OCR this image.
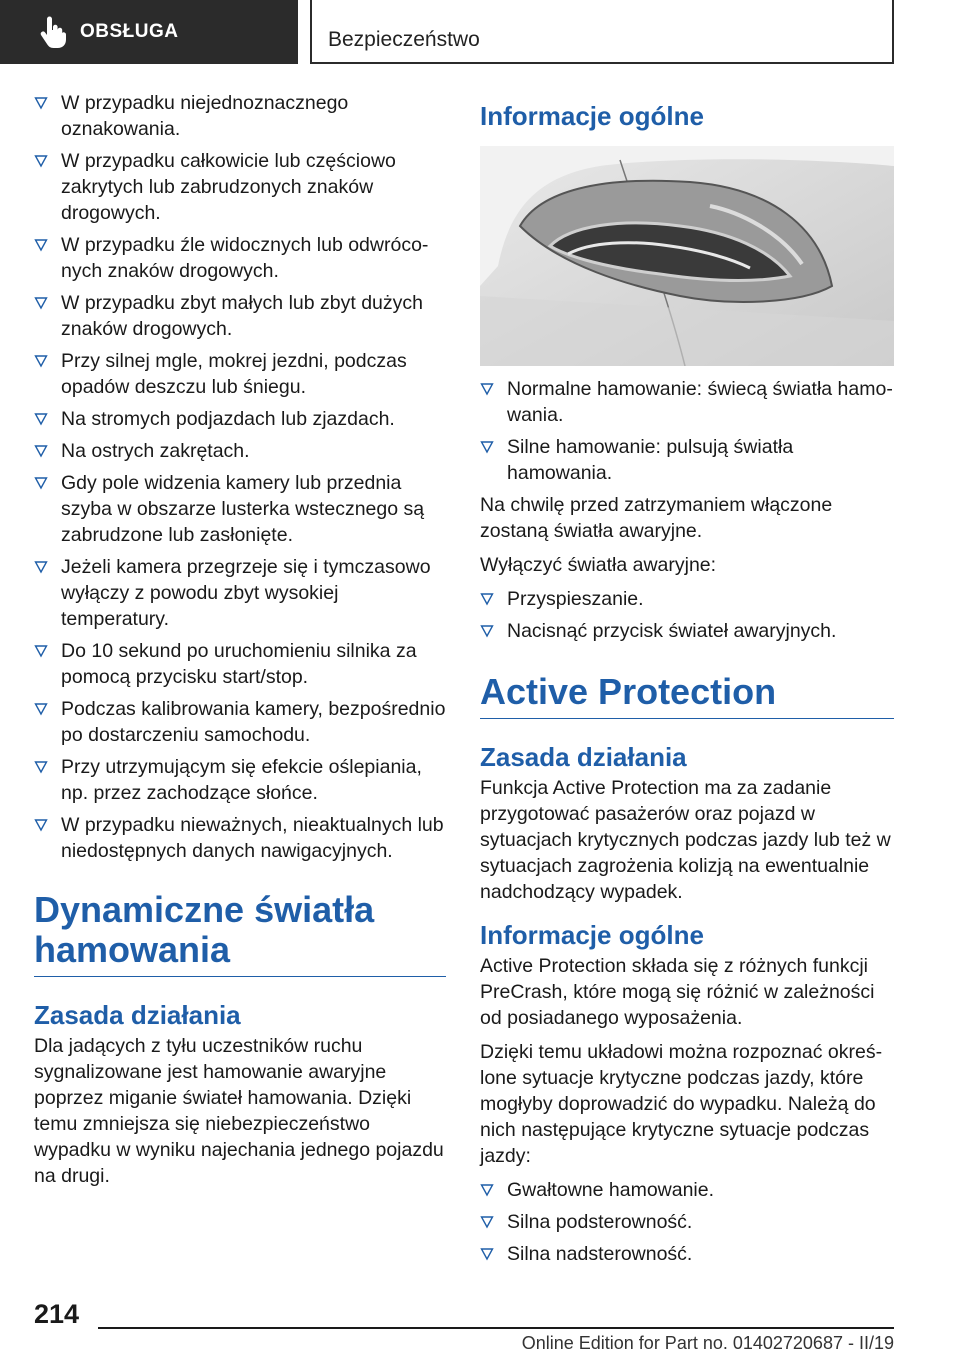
OBSŁUGA	Bezpieczeństwo
W przypadku niejednoznacznego oznakowania.
W przypadku całkowicie lub częściowo zakrytych lub zabrudzonych znaków drogowych.
W przypadku źle widocznych lub odwróconych znaków drogowych.
W przypadku zbyt małych lub zbyt dużych znaków drogowych.
Przy silnej mgle, mokrej jezdni, podczas opadów deszczu lub śniegu.
Na stromych podjazdach lub zjazdach.
Na ostrych zakrętach.
Gdy pole widzenia kamery lub przednia szyba w obszarze lusterka wstecznego są zabrudzone lub zasłonięte.
Jeżeli kamera przegrzeje się i tymczasowo wyłączy z powodu zbyt wysokiej temperatury.
Do 10 sekund po uruchomieniu silnika za pomocą przycisku start/stop.
Podczas kalibrowania kamery, bezpośrednio po dostarczeniu samochodu.
Przy utrzymującym się efekcie oślepiania, np. przez zachodzące słońce.
W przypadku nieważnych, nieaktualnych lub niedostępnych danych nawigacyjnych.
Dynamiczne światła hamowania
Zasada działania

Dla jadących z tyłu uczestników ruchu sygnalizowane jest hamowanie awaryjne poprzez miganie świateł hamowania. Dzięki temu zmniejsza się niebezpieczeństwo wypadku w wyniku najechania jednego pojazdu na drugi.

Informacje ogólne
Normalne hamowanie: świecą światła hamowania.
Silne hamowanie: pulsują światła hamowania.

Na chwilę przed zatrzymaniem włączone zostaną światła awaryjne.

Wyłączyć światła awaryjne:

Przyspieszanie.
Nacisnąć przycisk świateł awaryjnych.
Active Protection
Zasada działania

Funkcja Active Protection ma za zadanie przygotować pasażerów oraz pojazd w sytuacjach krytycznych podczas jazdy lub też w sytuacjach zagrożenia kolizją na ewentualnie nadchodzący wypadek.

Informacje ogólne

Active Protection składa się z różnych funkcji PreCrash, które mogą się różnić w zależności od posiadanego wyposażenia.

Dzięki temu układowi można rozpoznać określone sytuacje krytyczne podczas jazdy, które mogłyby doprowadzić do wypadku. Należą do nich następujące krytyczne sytuacje podczas jazdy:

Gwałtowne hamowanie.
Silna podsterowność.
Silna nadsterowność.
214
Online Edition for Part no. 01402720687 - II/19
